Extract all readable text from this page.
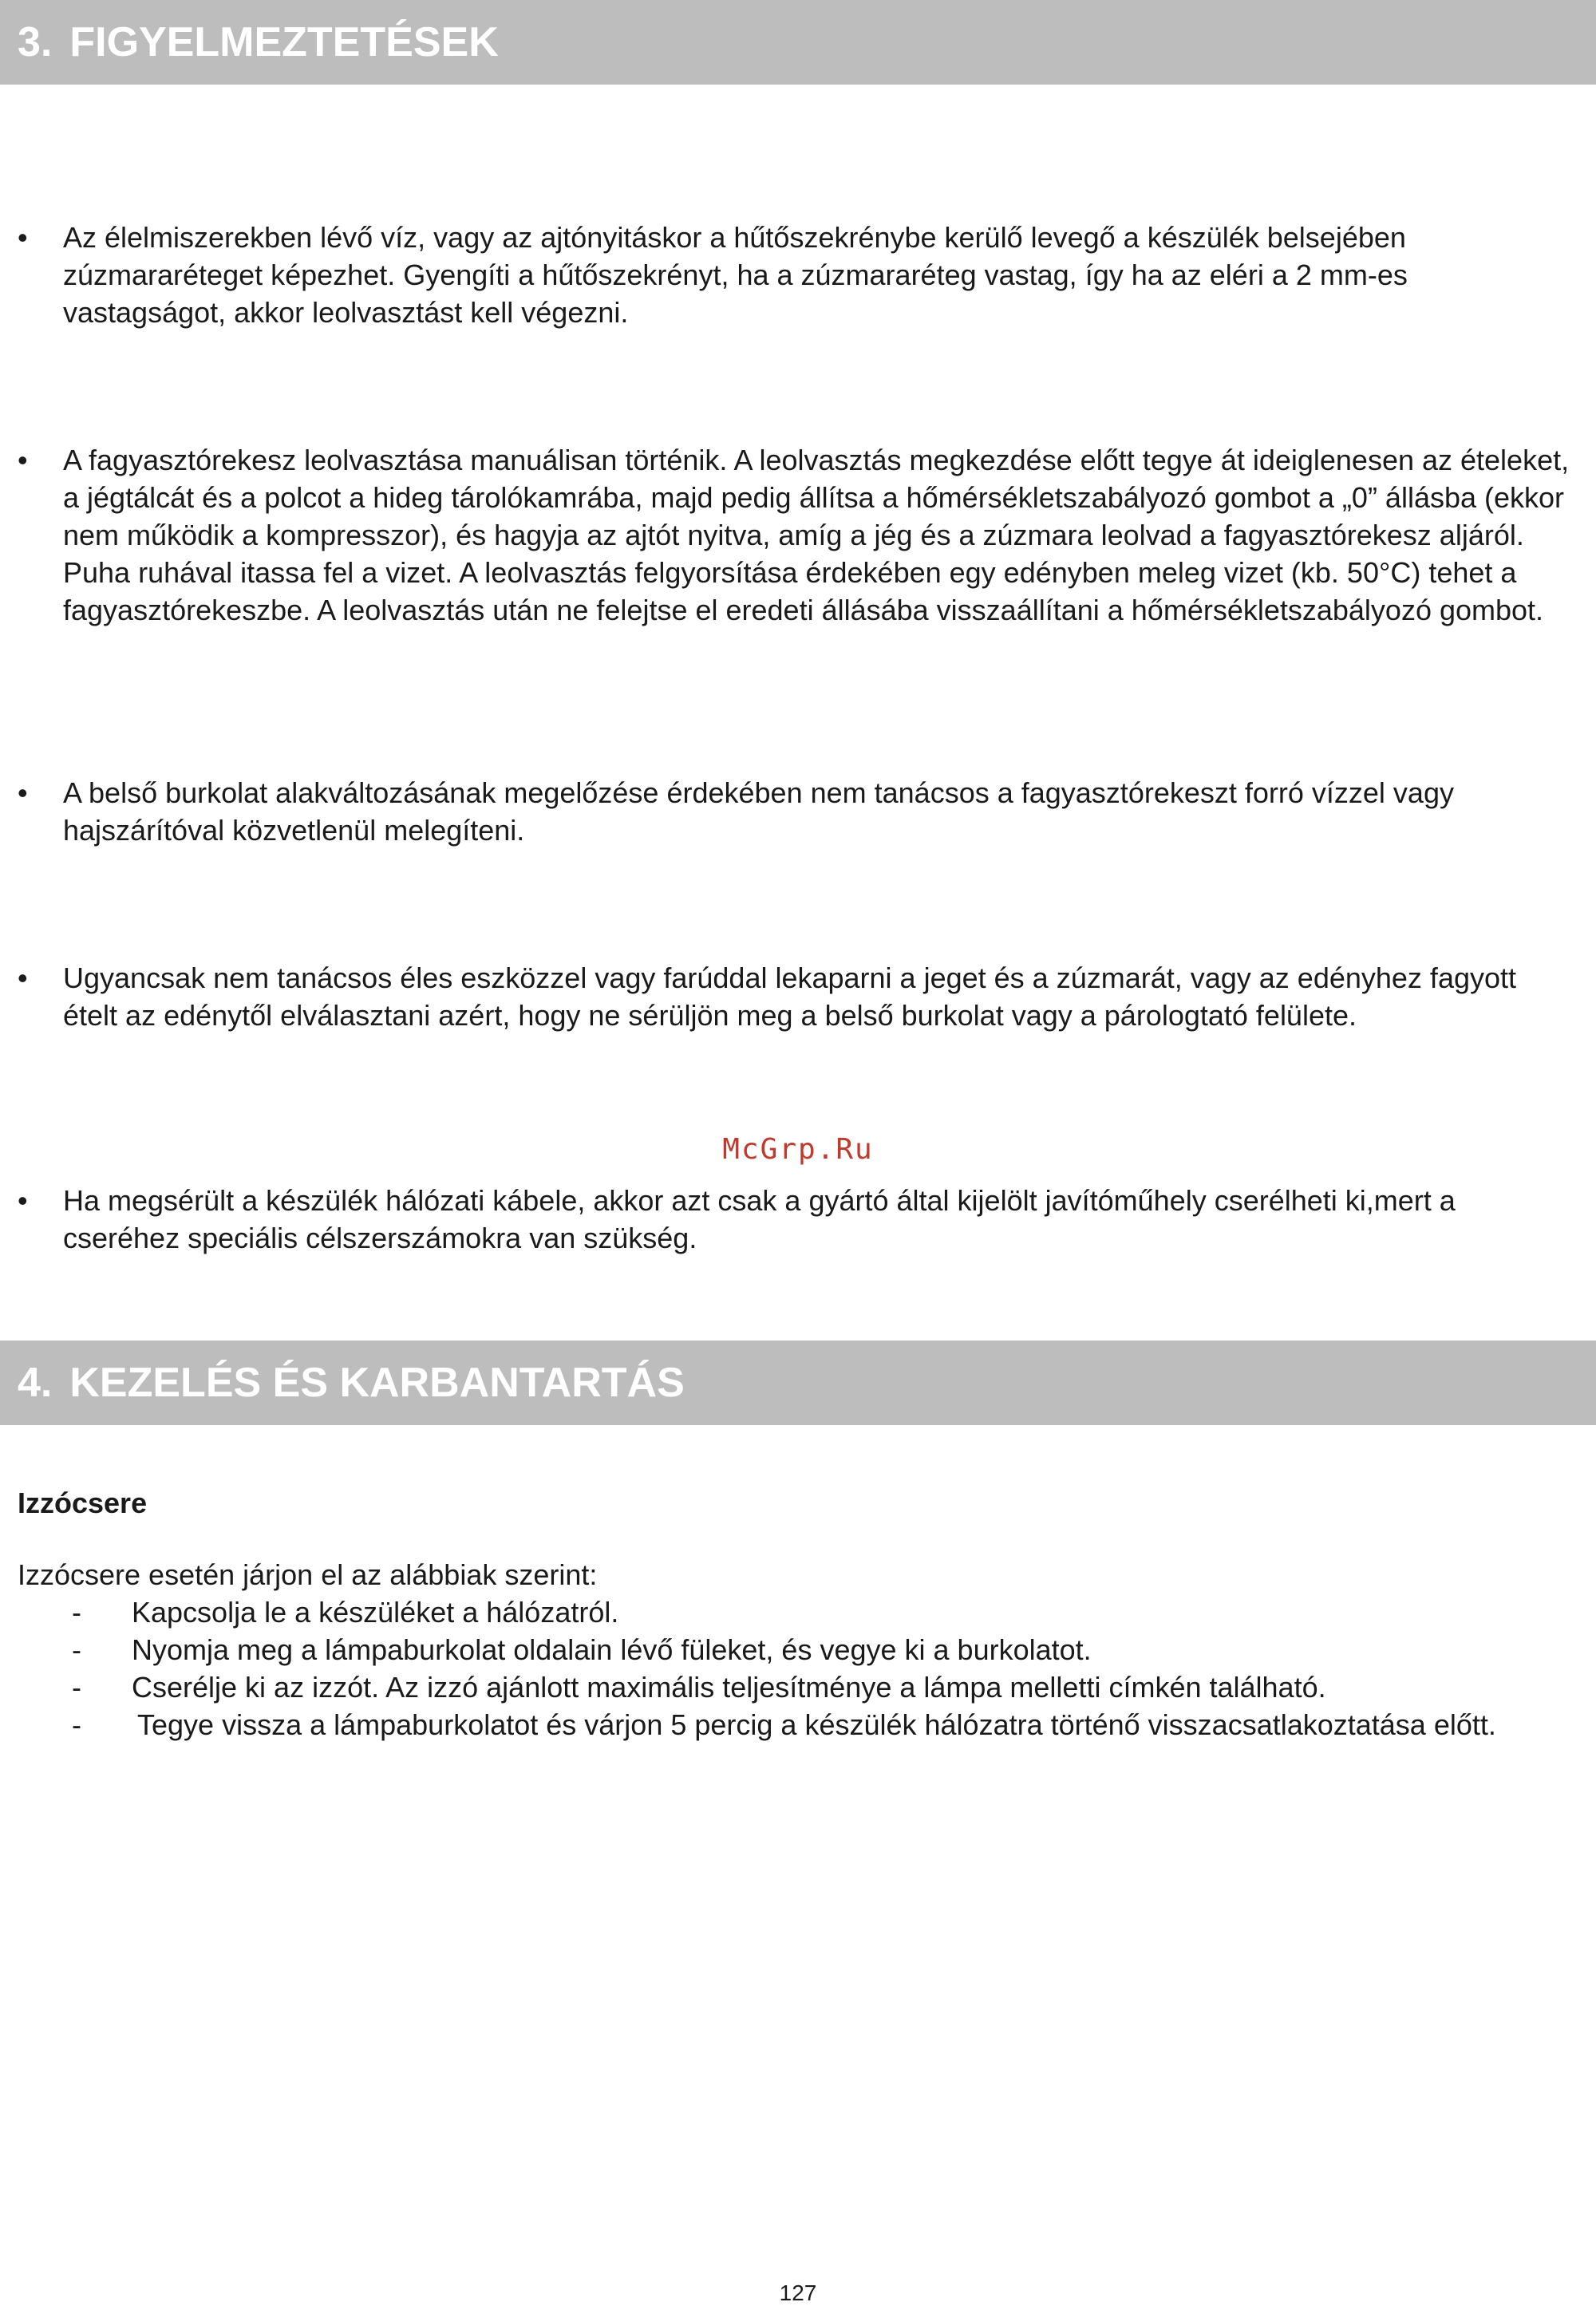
3. FIGYELMEZTETÉSEK
•	Az élelmiszerekben lévő víz, vagy az ajtónyitáskor a hűtőszekrénybe kerülő levegő a készülék belsejében zúzmararéteget képezhet. Gyengíti a hűtőszekrényt, ha a zúzmararéteg vastag, így ha az eléri a 2 mm-es vastagságot, akkor leolvasztást kell végezni.
•	A fagyasztórekesz leolvasztása manuálisan történik. A leolvasztás megkezdése előtt tegye át ideiglenesen az ételeket, a jégtálcát és a polcot a hideg tárolókamrába, majd pedig állítsa a hőmérsékletszabályozó gombot a „0” állásba (ekkor nem működik a kompresszor), és hagyja az ajtót nyitva, amíg a jég és a zúzmara leolvad a fagyasztórekesz aljáról. Puha ruhával itassa fel a vizet. A leolvasztás felgyorsítása érdekében egy edényben meleg vizet (kb. 50°C) tehet a fagyasztórekeszbe. A leolvasztás után ne felejtse el eredeti állásába visszaállítani a hőmérsékletszabályozó gombot.
•	A belső burkolat alakváltozásának megelőzése érdekében nem tanácsos a fagyasztórekeszt forró vízzel vagy hajszárítóval közvetlenül melegíteni.
•	Ugyancsak nem tanácsos éles eszközzel vagy farúddal lekaparni a jeget és a zúzmarát, vagy az edényhez fagyott ételt az edénytől elválasztani azért, hogy ne sérüljön meg a belső burkolat vagy a párologtató felülete.
McGrp.Ru
•	Ha megsérült a készülék hálózati kábele, akkor azt csak a gyártó által kijelölt javítóműhely cserélheti ki,mert a cseréhez speciális célszerszámokra van szükség.
4. KEZELÉS ÉS KARBANTARTÁS
Izzócsere
Izzócsere esetén járjon el az alábbiak szerint:
- Kapcsolja le a készüléket a hálózatról.
- Nyomja meg a lámpaburkolat oldalain lévő füleket, és vegye ki a burkolatot.
- Cserélje ki az izzót. Az izzó ajánlott maximális teljesítménye a lámpa melletti címkén található.
- Tegye vissza a lámpaburkolatot és várjon 5 percig a készülék hálózatra történő visszacsatlakoztatása előtt.
127
